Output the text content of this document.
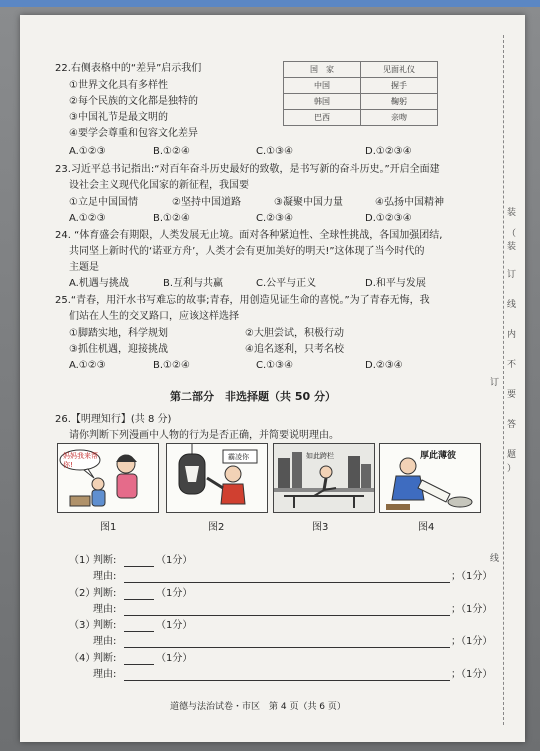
22.右侧表格中的“差异”启示我们
①世界文化具有多样性
②每个民族的文化都是独特的
③中国礼节是最文明的
④要学会尊重和包容文化差异
A.①②③	B.①②④	C.①③④	D.①②③④
国　家	见面礼仪
中国	握手
韩国	鞠躬
巴西	亲吻
23.习近平总书记指出:“对百年奋斗历史最好的致敬，是书写新的奋斗历史。”开启全面建
设社会主义现代化国家的新征程，我国要
①立足中国国情	②坚持中国道路	③凝聚中国力量	④弘扬中国精神
A.①②③	B.①②④	C.②③④	D.①②③④
24. “体育盛会有期限，人类发展无止境。面对各种紧迫性、全球性挑战，各国加强团结,
共同坚上新时代的‘诺亚方舟’，人类才会有更加美好的明天!”这体现了当今时代的
主题是
A.机遇与挑战	B.互利与共赢	C.公平与正义	D.和平与发展
25.“青春，用汗水书写难忘的故事;青春，用创造见证生命的喜悦。”为了青春无悔，我
们站在人生的交叉路口，应该这样选择
①脚踏实地，科学规划	②大胆尝试，积极行动
③抓住机遇，迎接挑战	④追名逐利，只考名校
A.①②③	B.①②④	C.①③④	D.②③④
第二部分　非选择题（共 50 分）
26.【明理知行】(共 8 分)
请你判断下列漫画中人物的行为是否正确，并简要说明理由。
妈妈我来帮你!
霸凌你	如此跨栏	厚此薄彼
图1	图2	图3	图4
（1）
判断:	（1分）
理由:	；（1分）
（2）
判断:	（1分）
理由:	；（1分）
（3）
判断:	（1分）
理由:	；（1分）
（4）
判断:	（1分）
理由:	；（1分）
道德与法治试卷・市区　第 4 页（共 6 页）
装
（
装
订
线
内
不
要
答
题
）
订
线
